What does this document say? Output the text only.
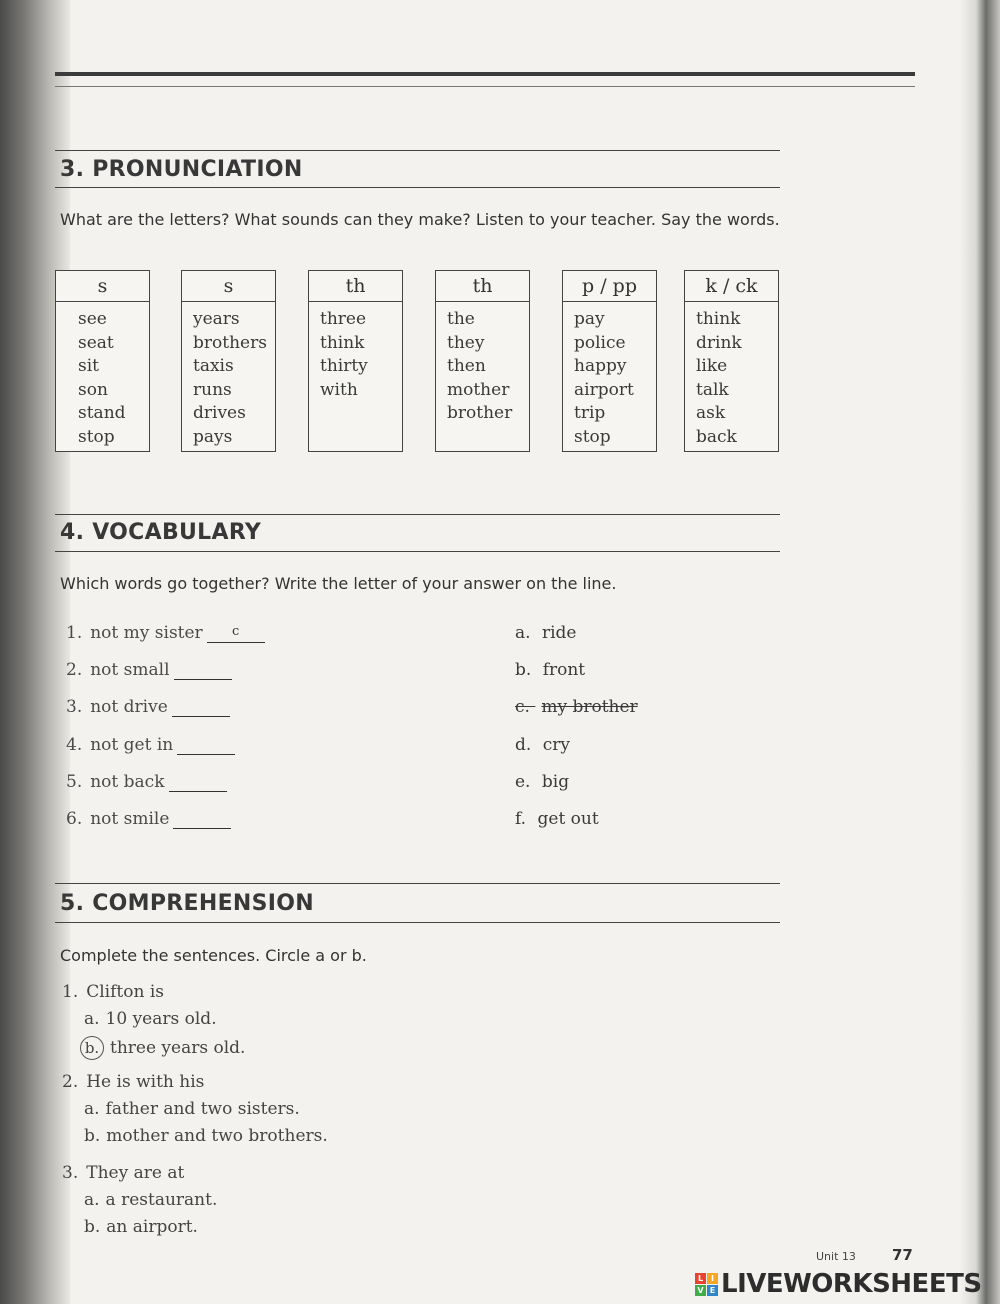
3. PRONUNCIATION
What are the letters? What sounds can they make? Listen to your teacher. Say the words.
s
see
seat
sit
son
stand
stop
s
years
brothers
taxis
runs
drives
pays
th
three
think
thirty
with
th
the
they
then
mother
brother
p / pp
pay
police
happy
airport
trip
stop
k / ck
think
drink
like
talk
ask
back
4. VOCABULARY
Which words go together? Write the letter of your answer on the line.
1. not my sister c
2. not small
3. not drive
4. not get in
5. not back
6. not smile
a. ride
b. front
c. my brother
d. cry
e. big
f. get out
5. COMPREHENSION
Complete the sentences. Circle a or b.
1. Clifton is
a. 10 years old.
b. three years old.
2. He is with his
a. father and two sisters.
b. mother and two brothers.
3. They are at
a. a restaurant.
b. an airport.
Unit 13 77
L I
V E LIVEWORKSHEETS
